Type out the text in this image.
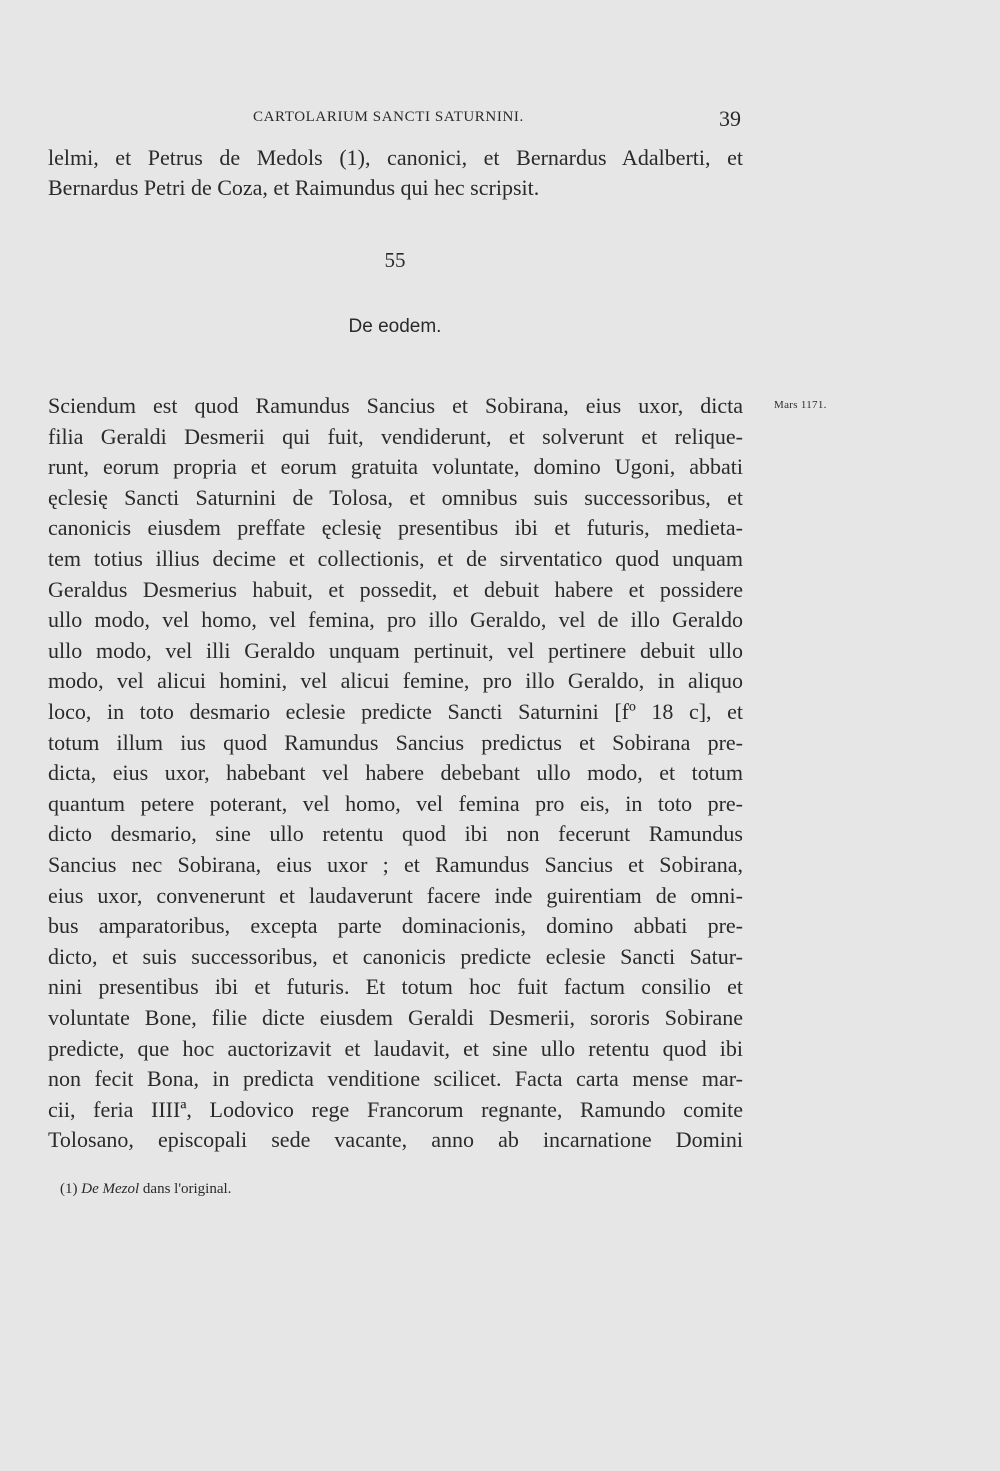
CARTOLARIUM SANCTI SATURNINI.	39
lelmi, et Petrus de Medols (1), canonici, et Bernardus Adalberti, et
Bernardus Petri de Coza, et Raimundus qui hec scripsit.
55
De eodem.
Mars 1171.
Sciendum est quod Ramundus Sancius et Sobirana, eius uxor, dicta
filia Geraldi Desmerii qui fuit, vendiderunt, et solverunt et relique-
runt, eorum propria et eorum gratuita voluntate, domino Ugoni, abbati
ęclesię Sancti Saturnini de Tolosa, et omnibus suis successoribus, et
canonicis eiusdem preffate ęclesię presentibus ibi et futuris, medieta-
tem totius illius decime et collectionis, et de sirventatico quod unquam
Geraldus Desmerius habuit, et possedit, et debuit habere et possidere
ullo modo, vel homo, vel femina, pro illo Geraldo, vel de illo Geraldo
ullo modo, vel illi Geraldo unquam pertinuit, vel pertinere debuit ullo
modo, vel alicui homini, vel alicui femine, pro illo Geraldo, in aliquo
loco, in toto desmario eclesie predicte Sancti Saturnini [fº 18 c], et
totum illum ius quod Ramundus Sancius predictus et Sobirana pre-
dicta, eius uxor, habebant vel habere debebant ullo modo, et totum
quantum petere poterant, vel homo, vel femina pro eis, in toto pre-
dicto desmario, sine ullo retentu quod ibi non fecerunt Ramundus
Sancius nec Sobirana, eius uxor ; et Ramundus Sancius et Sobirana,
eius uxor, convenerunt et laudaverunt facere inde guirentiam de omni-
bus amparatoribus, excepta parte dominacionis, domino abbati pre-
dicto, et suis successoribus, et canonicis predicte eclesie Sancti Satur-
nini presentibus ibi et futuris. Et totum hoc fuit factum consilio et
voluntate Bone, filie dicte eiusdem Geraldi Desmerii, sororis Sobirane
predicte, que hoc auctorizavit et laudavit, et sine ullo retentu quod ibi
non fecit Bona, in predicta venditione scilicet. Facta carta mense mar-
cii, feria IIIIª, Lodovico rege Francorum regnante, Ramundo comite
Tolosano, episcopali sede vacante, anno ab incarnatione Domini
(1) De Mezol dans l'original.
